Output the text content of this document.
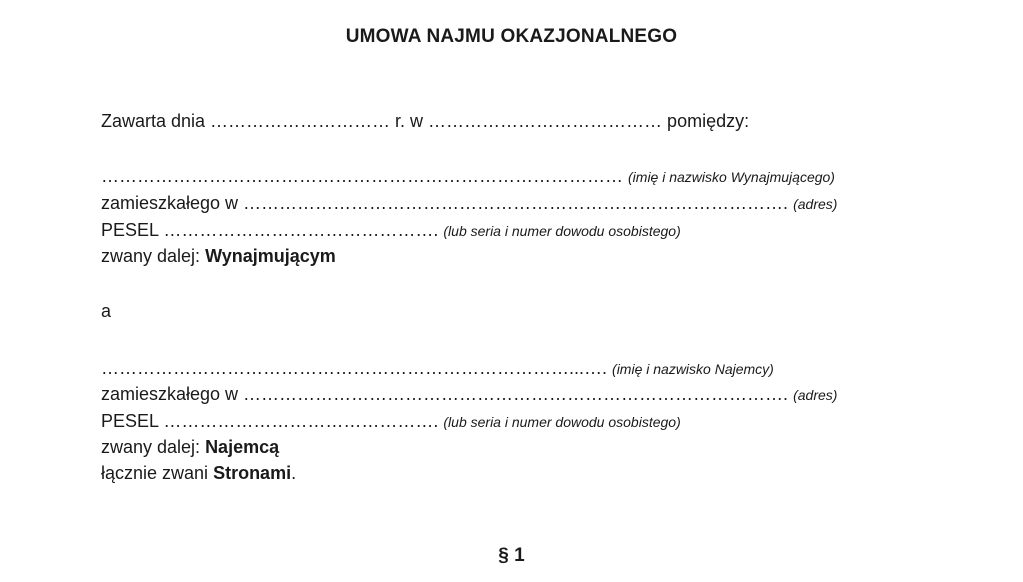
UMOWA NAJMU OKAZJONALNEGO
Zawarta dnia ………………………… r. w ………………………………… pomiędzy:
…………………………………………………………………………… (imię i nazwisko Wynajmującego)
zamieszkałego w ………………………………………………………………………………. (adres)
PESEL ………………………………………. (lub seria i numer dowodu osobistego)
zwany dalej: Wynajmującym
a
……………………………………………………………………...…. (imię i nazwisko Najemcy)
zamieszkałego w ………………………………………………………………………………. (adres)
PESEL ………………………………………. (lub seria i numer dowodu osobistego)
zwany dalej: Najemcą
łącznie zwani Stronami.
§ 1
